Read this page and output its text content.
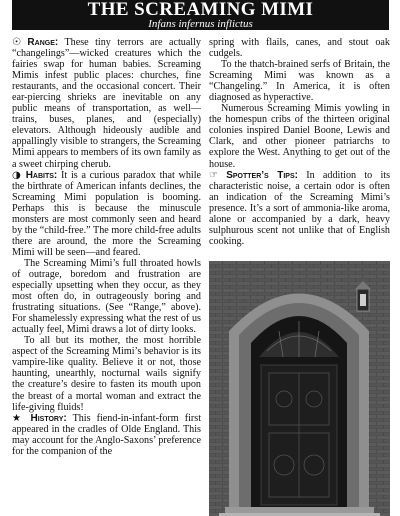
THE SCREAMING MIMI
Infans infernus inflictus

☉ Range: These tiny terrors are actually “changelings”—wicked creatures which the fairies swap for human babies. Screaming Mimis infest public places: churches, fine restaurants, and the occasional concert. Their ear-piercing shrieks are inevitable on any public means of transportation, as well—trains, buses, planes, and (especially) elevators. Although hideously audible and appallingly visible to strangers, the Screaming Mimi appears to members of its own family as a sweet chirping cherub.

◑ Habits: It is a curious paradox that while the birthrate of American infants declines, the Screaming Mimi population is booming. Perhaps this is because the minuscule monsters are most commonly seen and heard by the “child-free.” The more child-free adults there are around, the more the Screaming Mimi will be seen—and feared.

The Screaming Mimi’s full throated howls of outrage, boredom and frustration are especially upsetting when they occur, as they most often do, in outrageously boring and frustrating situations. (See “Range,” above). For shamelessly expressing what the rest of us actually feel, Mimi draws a lot of dirty looks.

To all but its mother, the most horrible aspect of the Screaming Mimi’s behavior is its vampire-like quality. Believe it or not, those haunting, unearthly, nocturnal wails signify the creature’s desire to fasten its mouth upon the breast of a mortal woman and extract the life-giving fluids!

★ History: This fiend-in-infant-form first appeared in the cradles of Olde England. This may account for the Anglo-Saxons’ preference for the companion of the

spring with flails, canes, and stout oak cudgels.

To the thatch-brained serfs of Britain, the Screaming Mimi was known as a “Changeling.” In America, it is often diagnosed as hyperactive.

Numerous Screaming Mimis yowling in the homespun cribs of the thirteen original colonies inspired Daniel Boone, Lewis and Clark, and other pioneer patriarchs to explore the West. Anything to get out of the house.

☞ Spotter’s Tips: In addition to its characteristic noise, a certain odor is often an indication of the Screaming Mimi’s presence. It’s a sort of ammonia-like aroma, alone or accompanied by a dark, heavy sulphurous scent not unlike that of English cooking.
